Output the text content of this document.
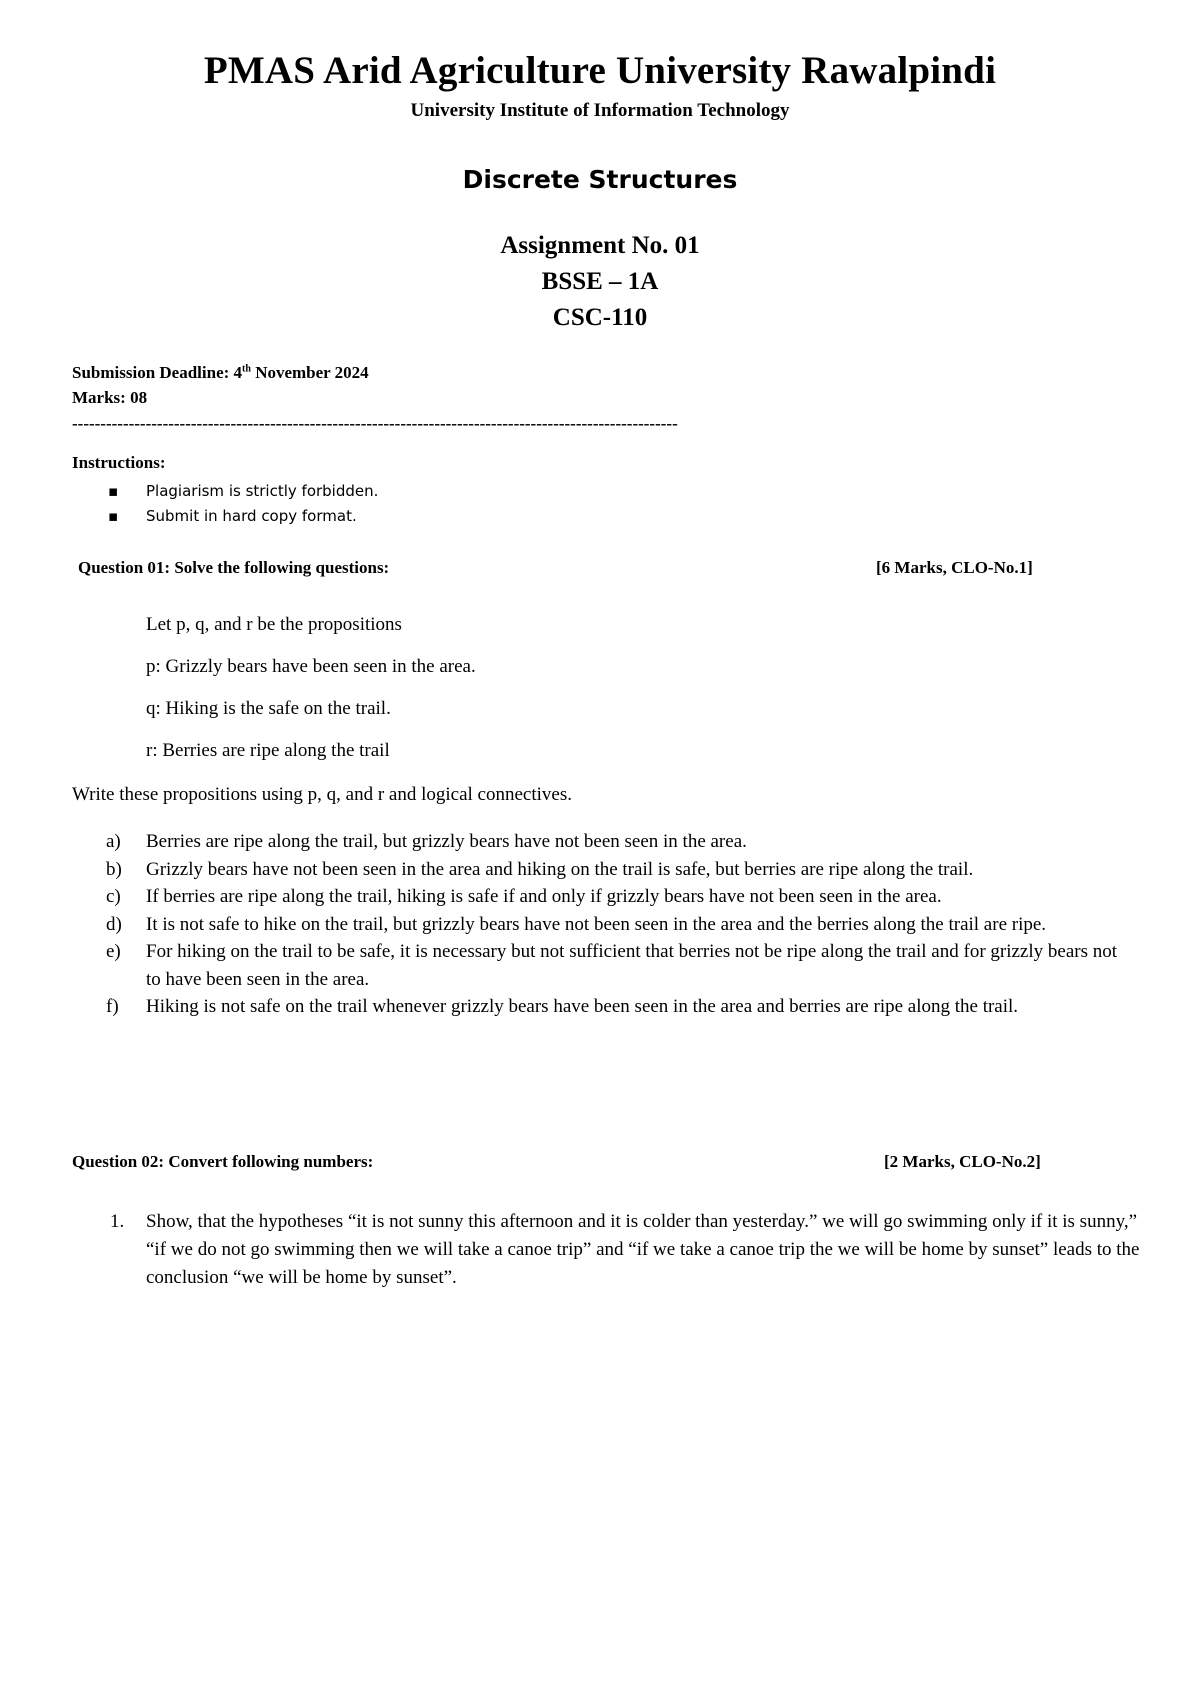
PMAS Arid Agriculture University Rawalpindi
University Institute of Information Technology
Discrete Structures
Assignment No. 01
BSSE – 1A
CSC-110
Submission Deadline: 4th November 2024
Marks: 08
-----------------------------------------------------------------------------------------------------------
Instructions:
▪ Plagiarism is strictly forbidden.
▪ Submit in hard copy format.
Question 01: Solve the following questions:	[6 Marks, CLO-No.1]
Let p, q, and r be the propositions
p: Grizzly bears have been seen in the area.
q: Hiking is the safe on the trail.
r: Berries are ripe along the trail
Write these propositions using p, q, and r and logical connectives.
a) Berries are ripe along the trail, but grizzly bears have not been seen in the area.
b) Grizzly bears have not been seen in the area and hiking on the trail is safe, but berries are ripe along the trail.
c) If berries are ripe along the trail, hiking is safe if and only if grizzly bears have not been seen in the area.
d) It is not safe to hike on the trail, but grizzly bears have not been seen in the area and the berries along the trail are ripe.
e) For hiking on the trail to be safe, it is necessary but not sufficient that berries not be ripe along the trail and for grizzly bears not to have been seen in the area.
f) Hiking is not safe on the trail whenever grizzly bears have been seen in the area and berries are ripe along the trail.
Question 02: Convert following numbers:	[2 Marks, CLO-No.2]
1. Show, that the hypotheses “it is not sunny this afternoon and it is colder than yesterday.” we will go swimming only if it is sunny,” “if we do not go swimming then we will take a canoe trip” and “if we take a canoe trip the we will be home by sunset” leads to the conclusion “we will be home by sunset”.
